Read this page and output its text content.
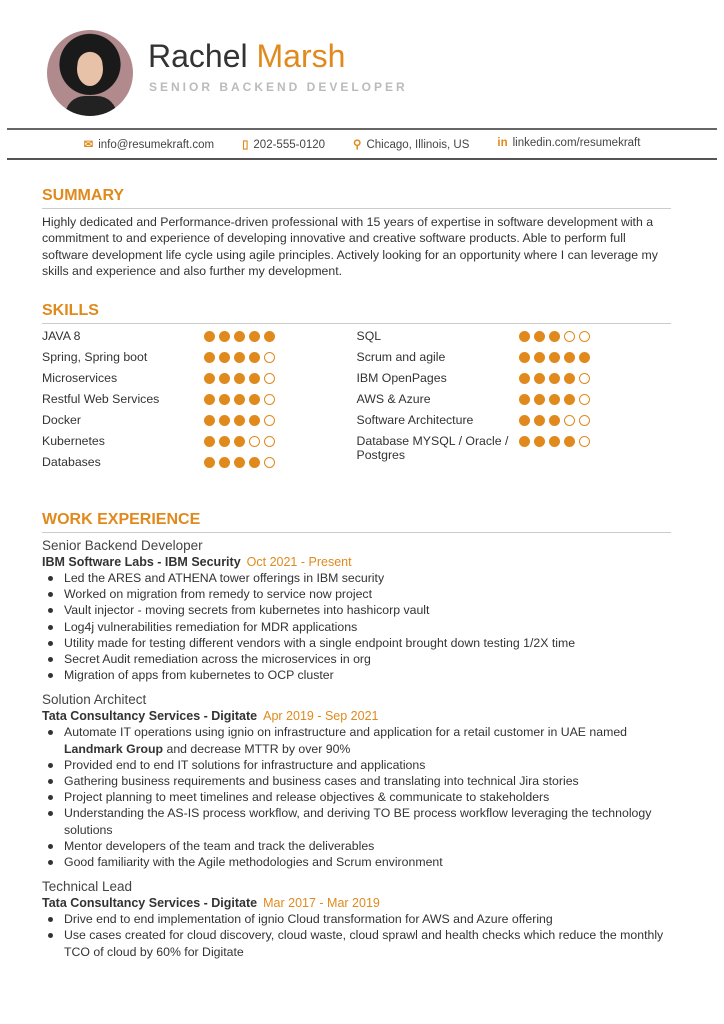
Rachel Marsh
SENIOR BACKEND DEVELOPER
✉ info@resumekraft.com ▯ 202-555-0120 ⚲ Chicago, Illinois, US in linkedin.com/resumekraft
SUMMARY

Highly dedicated and Performance-driven professional with 15 years of expertise in software development with a commitment to and experience of developing innovative and creative software products. Able to perform full software development life cycle using agile principles. Actively looking for an opportunity where I can leverage my skills and experience and also further my development.

SKILLS
JAVA 8
Spring, Spring boot
Microservices
Restful Web Services
Docker
Kubernetes
Databases
SQL
Scrum and agile
IBM OpenPages
AWS & Azure
Software Architecture
Database MYSQL / Oracle / Postgres
WORK EXPERIENCE
Senior Backend Developer
IBM Software Labs - IBM Security Oct 2021 - Present
Led the ARES and ATHENA tower offerings in IBM security
Worked on migration from remedy to service now project
Vault injector - moving secrets from kubernetes into hashicorp vault
Log4j vulnerabilities remediation for MDR applications
Utility made for testing different vendors with a single endpoint brought down testing 1/2X time
Secret Audit remediation across the microservices in org
Migration of apps from kubernetes to OCP cluster
Solution Architect
Tata Consultancy Services - Digitate Apr 2019 - Sep 2021
Automate IT operations using ignio on infrastructure and application for a retail customer in UAE named Landmark Group and decrease MTTR by over 90%
Provided end to end IT solutions for infrastructure and applications
Gathering business requirements and business cases and translating into technical Jira stories
Project planning to meet timelines and release objectives & communicate to stakeholders
Understanding the AS-IS process workflow, and deriving TO BE process workflow leveraging the technology solutions
Mentor developers of the team and track the deliverables
Good familiarity with the Agile methodologies and Scrum environment
Technical Lead
Tata Consultancy Services - Digitate Mar 2017 - Mar 2019
Drive end to end implementation of ignio Cloud transformation for AWS and Azure offering
Use cases created for cloud discovery, cloud waste, cloud sprawl and health checks which reduce the monthly TCO of cloud by 60% for Digitate
